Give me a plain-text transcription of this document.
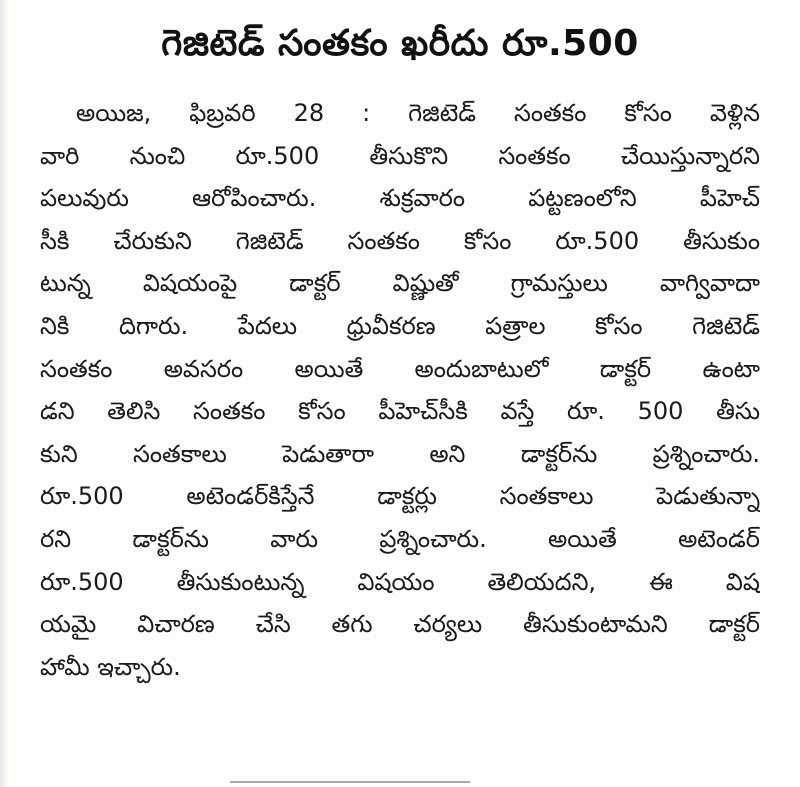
గెజిటెడ్ సంతకం ఖరీదు రూ.500
అయిజ, ఫిబ్రవరి 28 : గెజిటెడ్ సంతకం కోసం వెళ్లిన
వారి నుంచి రూ.500 తీసుకొని సంతకం చేయిస్తున్నారని
పలువురు ఆరోపించారు. శుక్రవారం పట్టణంలోని పీహెచ్
సీకి చేరుకుని గెజిటెడ్ సంతకం కోసం రూ.500 తీసుకుం
టున్న విషయంపై డాక్టర్ విష్ణుతో గ్రామస్తులు వాగ్వివాదా
నికి దిగారు. పేదలు ధ్రువీకరణ పత్రాల కోసం గెజిటెడ్
సంతకం అవసరం అయితే అందుబాటులో డాక్టర్ ఉంటా
డని తెలిసి సంతకం కోసం పీహెచ్‌సీకి వస్తే రూ. 500 తీసు
కుని సంతకాలు పెడుతారా అని డాక్టర్‌ను ప్రశ్నించారు.
రూ.500 అటెండర్‌కిస్తేనే డాక్టర్లు సంతకాలు పెడుతున్నా
రని డాక్టర్‌ను వారు ప్రశ్నించారు. అయితే అటెండర్
రూ.500 తీసుకుంటున్న విషయం తెలియదని, ఈ విష
యమై విచారణ చేసి తగు చర్యలు తీసుకుంటామని డాక్టర్
హామీ ఇచ్చారు.
